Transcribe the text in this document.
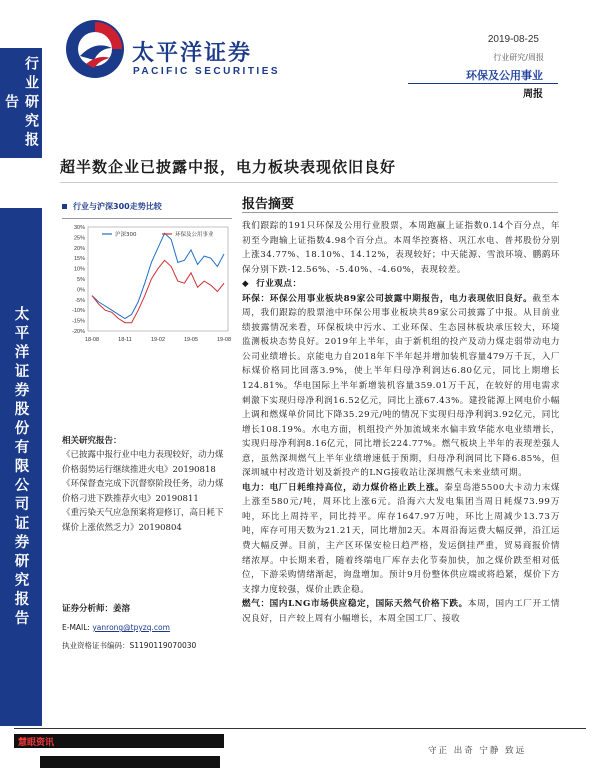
太平洋证券
PACIFIC SECURITIES
2019-08-25
行业研究/周报
环保及公用事业
周报
行业研究报告
太平洋证券股份有限公司证券研究报告
超半数企业已披露中报，电力板块表现依旧良好
行业与沪深300走势比较
30%
25%
20%
15%
10%
5%
0%
-5%
-10%
-15%
-20%
18-08	18-11	19-02	19-05	19-08
沪深300	环保及公用事业
相关研究报告：
《已披露中报行业中电力表现较好，动力煤价格弱势运行继续推进火电》20190818
《环保督查完成下沉督察阶段任务，动力煤价格刁进下跌推荐火电》20190811
《重污染天气应急预案将迎修订，高日耗下煤价上涨依然乏力》20190804
证券分析师：姜溶
E-MAIL: yanrong@tpyzq.com
执业资格证书编码：S1190119070030
报告摘要

我们跟踪的191只环保及公用行业股票，本周跑赢上证指数0.14个百分点，年初至今跑输上证指数4.98个百分点。本周华控赛格、巩江水电、普邦股份分别上涨34.77%、18.10%、14.12%，表现较好；中天能源、雪浪环境、鹏鹞环保分别下跌-12.56%、-5.40%、-4.60%，表现较差。

◆  行业观点：

环保：环保公用事业板块89家公司披露中期报告，电力表现依旧良好。截至本周，我们跟踪的股票池中环保公用事业板块共89家公司披露了中报。从目前业绩披露情况来看，环保板块中污水、工业环保、生态园林板块承压较大，环境监测板块态势良好。2019年上半年，由于新机组的投产及动力煤走弱带动电力公司业绩增长。京能电力自2018年下半年起并增加装机容量479万千瓦，入厂标煤价格同比回落3.9%，使上半年归母净利润达6.80亿元，同比上期增长124.81%。华电国际上半年新增装机容量359.01万千瓦，在较好的用电需求刺激下实现归母净利润16.52亿元，同比上涨67.43%。建投能源上网电价小幅上调和燃煤单价同比下降35.29元/吨的情况下实现归母净利润3.92亿元，同比增长108.19%。水电方面，机组投产外加流域来水偏丰致华能水电业绩增长，实现归母净利润8.16亿元，同比增长224.77%。燃气板块上半年的表现差强人意，虽然深圳燃气上半年业绩增速低于预期，归母净利润同比下降6.85%，但深圳城中村改造计划及新投产的LNG接收站让深圳燃气未来业绩可期。

电力：电厂日耗维持高位，动力煤价格止跌上涨。秦皇岛港5500大卡动力末煤上涨至580元/吨，周环比上涨6元。沿海六大发电集团当周日耗煤73.99万吨，环比上周持平，同比持平。库存1647.97万吨，环比上周减少13.73万吨，库存可用天数为21.21天，同比增加2天。本周沿海运费大幅反弹，沿江运费大幅反弹。目前，主产区环保安检日趋严格，发运倒挂严重，贸易商报价情绪浓厚。中长期来看，随着终端电厂库存去化节奏加快，加之煤价跌至相对低位，下游采购情绪渐起，询盘增加。预计9月份整体供应端或将趋紧，煤价下方支撑力度较强，煤价止跌企稳。

燃气：国内LNG市场供应稳定，国际天然气价格下跌。本周，国内工厂开工情况良好，日产较上周有小幅增长，本周全国工厂、接收

慧眼资讯
守正 出奇 宁静 致远
